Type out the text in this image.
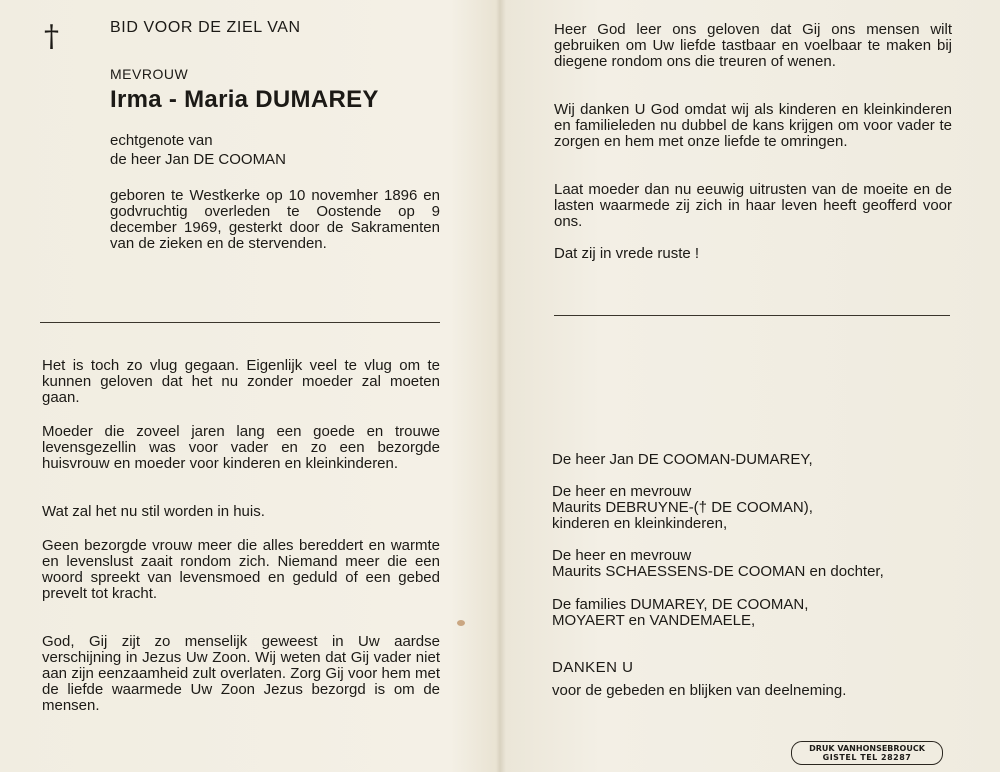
†	BID VOOR DE ZIEL VAN
MEVROUW
Irma - Maria DUMAREY
echtgenote van
de heer Jan DE COOMAN
geboren te Westkerke op 10 novemher 1896 en godvruchtig overleden te Oostende op 9 december 1969, gesterkt door de Sakramenten van de zieken en de stervenden.
Het is toch zo vlug gegaan. Eigenlijk veel te vlug om te kunnen geloven dat het nu zonder moeder zal moeten gaan.
Moeder die zoveel jaren lang een goede en trouwe levensgezellin was voor vader en zo een bezorgde huisvrouw en moeder voor kinderen en kleinkinderen.
Wat zal het nu stil worden in huis.
Geen bezorgde vrouw meer die alles bereddert en warmte en levenslust zaait rondom zich. Niemand meer die een woord spreekt van levensmoed en geduld of een gebed prevelt tot kracht.
God, Gij zijt zo menselijk geweest in Uw aardse verschijning in Jezus Uw Zoon. Wij weten dat Gij vader niet aan zijn eenzaamheid zult overlaten. Zorg Gij voor hem met de liefde waarmede Uw Zoon Jezus bezorgd is om de mensen.
Heer God leer ons geloven dat Gij ons mensen wilt gebruiken om Uw liefde tastbaar en voelbaar te maken bij diegene rondom ons die treuren of wenen.
Wij danken U God omdat wij als kinderen en kleinkinderen en familieleden nu dubbel de kans krijgen om voor vader te zorgen en hem met onze liefde te omringen.
Laat moeder dan nu eeuwig uitrusten van de moeite en de lasten waarmede zij zich in haar leven heeft geofferd voor ons.
Dat zij in vrede ruste !
De heer Jan DE COOMAN-DUMAREY,
De heer en mevrouw
Maurits DEBRUYNE-(† DE COOMAN),
kinderen en kleinkinderen,
De heer en mevrouw
Maurits SCHAESSENS-DE COOMAN en dochter,
De families DUMAREY, DE COOMAN,
MOYAERT en VANDEMAELE,
DANKEN U
voor de gebeden en blijken van deelneming.
DRUK VANHONSEBROUCK
GISTEL TEL 28287
